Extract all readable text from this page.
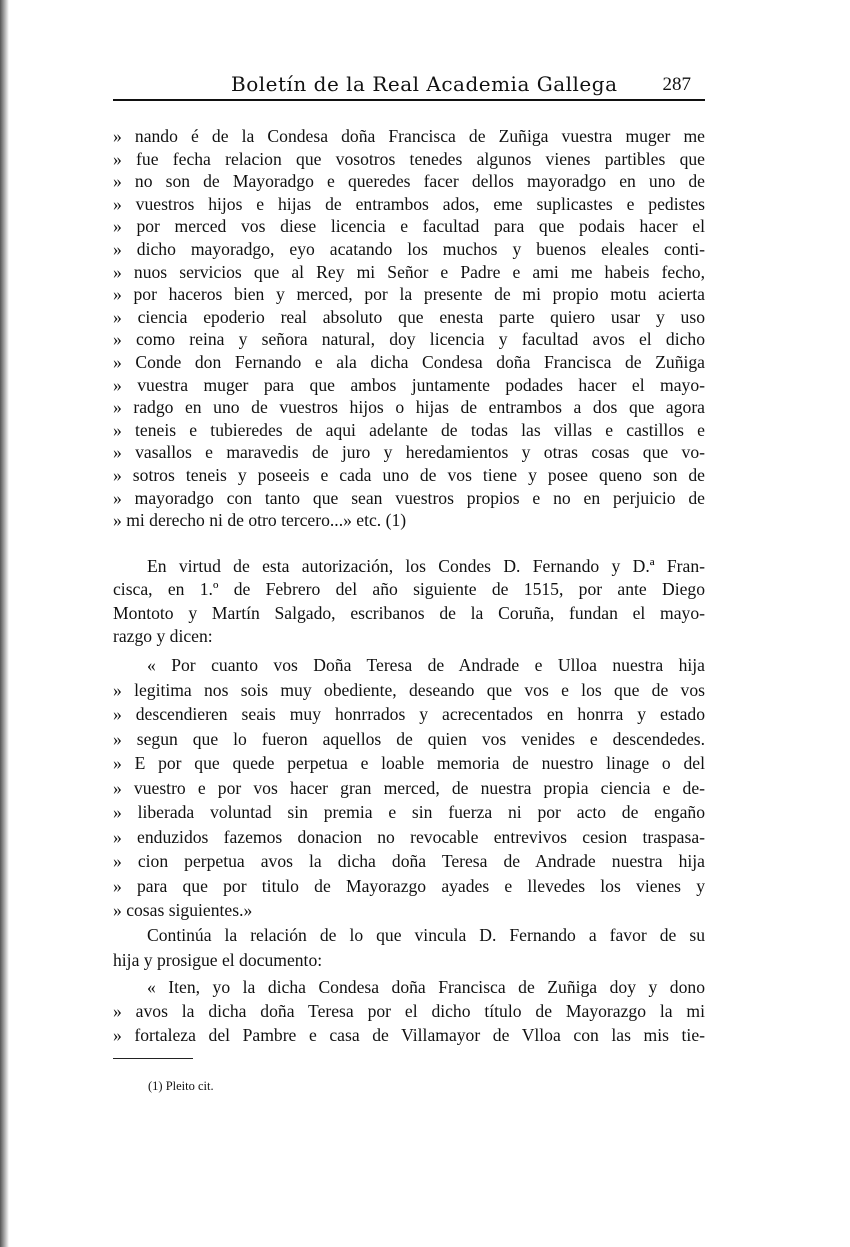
Boletín de la Real Academia Gallega 287
» nando é de la Condesa doña Francisca de Zuñiga vuestra muger me
» fue fecha relacion que vosotros tenedes algunos vienes partibles que
» no son de Mayoradgo e queredes facer dellos mayoradgo en uno de
» vuestros hijos e hijas de entrambos ados, eme suplicastes e pedistes
» por merced vos diese licencia e facultad para que podais hacer el
» dicho mayoradgo, eyo acatando los muchos y buenos eleales conti-
» nuos servicios que al Rey mi Señor e Padre e ami me habeis fecho,
» por haceros bien y merced, por la presente de mi propio motu acierta
» ciencia epoderio real absoluto que enesta parte quiero usar y uso
» como reina y señora natural, doy licencia y facultad avos el dicho
» Conde don Fernando e ala dicha Condesa doña Francisca de Zuñiga
» vuestra muger para que ambos juntamente podades hacer el mayo-
» radgo en uno de vuestros hijos o hijas de entrambos a dos que agora
» teneis e tubieredes de aqui adelante de todas las villas e castillos e
» vasallos e maravedis de juro y heredamientos y otras cosas que vo-
» sotros teneis y poseeis e cada uno de vos tiene y posee queno son de
» mayoradgo con tanto que sean vuestros propios e no en perjuicio de
» mi derecho ni de otro tercero...» etc. (1)
En virtud de esta autorización, los Condes D. Fernando y D.ª Fran-
cisca, en 1.º de Febrero del año siguiente de 1515, por ante Diego
Montoto y Martín Salgado, escribanos de la Coruña, fundan el mayo-
razgo y dicen:
« Por cuanto vos Doña Teresa de Andrade e Ulloa nuestra hija
» legitima nos sois muy obediente, deseando que vos e los que de vos
» descendieren seais muy honrrados y acrecentados en honrra y estado
» segun que lo fueron aquellos de quien vos venides e descendedes.
» E por que quede perpetua e loable memoria de nuestro linage o del
» vuestro e por vos hacer gran merced, de nuestra propia ciencia e de-
» liberada voluntad sin premia e sin fuerza ni por acto de engaño
» enduzidos fazemos donacion no revocable entrevivos cesion traspasa-
» cion perpetua avos la dicha doña Teresa de Andrade nuestra hija
» para que por titulo de Mayorazgo ayades e llevedes los vienes y
» cosas siguientes.»
Continúa la relación de lo que vincula D. Fernando a favor de su
hija y prosigue el documento:
« Iten, yo la dicha Condesa doña Francisca de Zuñiga doy y dono
» avos la dicha doña Teresa por el dicho título de Mayorazgo la mi
» fortaleza del Pambre e casa de Villamayor de Vlloa con las mis tie-
(1) Pleito cit.
